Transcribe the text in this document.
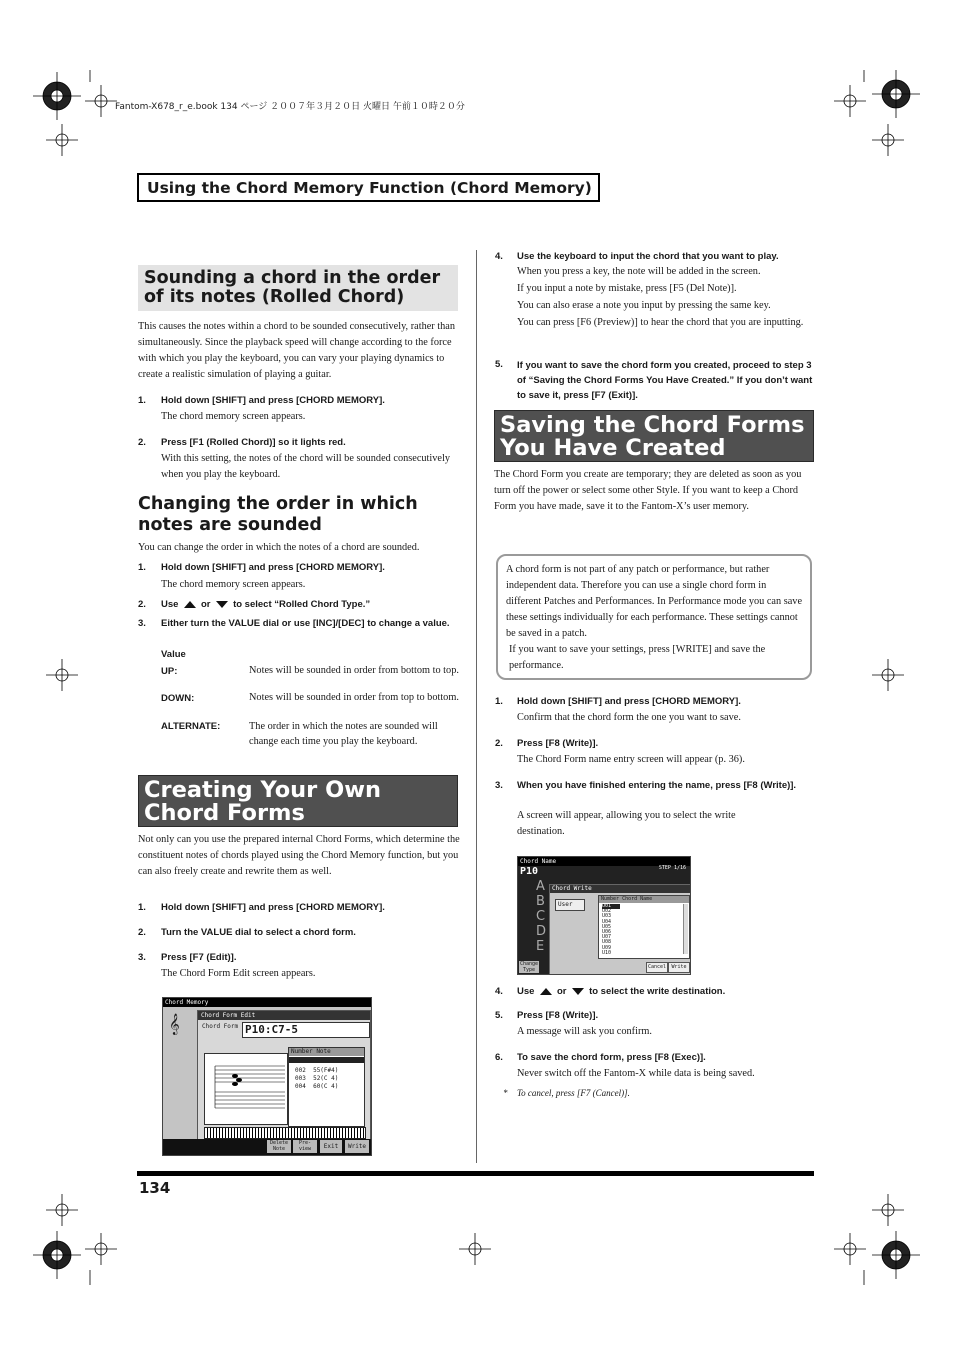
Fantom-X678_r_e.book 134 ページ ２００７年３月２０日 火曜日 午前１０時２０分
Using the Chord Memory Function (Chord Memory)
Sounding a chord in the order of its notes (Rolled Chord)
This causes the notes within a chord to be sounded consecutively, rather than simultaneously. Since the playback speed will change according to the force with which you play the keyboard, you can vary your playing dynamics to create a realistic simulation of playing a guitar.
1. Hold down [SHIFT] and press [CHORD MEMORY].
The chord memory screen appears.
2. Press [F1 (Rolled Chord)] so it lights red.
With this setting, the notes of the chord will be sounded consecutively when you play the keyboard.
Changing the order in which notes are sounded
You can change the order in which the notes of a chord are sounded.
1. Hold down [SHIFT] and press [CHORD MEMORY].
The chord memory screen appears.
2. Use or to select “Rolled Chord Type.”
3. Either turn the VALUE dial or use [INC]/[DEC] to change a value.
Value
UP:	Notes will be sounded in order from bottom to top.
DOWN:	Notes will be sounded in order from top to bottom.
ALTERNATE:	The order in which the notes are sounded will change each time you play the keyboard.
Creating Your Own Chord Forms
Not only can you use the prepared internal Chord Forms, which determine the constituent notes of chords played using the Chord Memory function, but you can also freely create and rewrite them as well.
1. Hold down [SHIFT] and press [CHORD MEMORY].
2. Turn the VALUE dial to select a chord form.
3. Press [F7 (Edit)].
The Chord Form Edit screen appears.
Chord Memory
𝄞	Chord Form Edit
Chord Form P10:C7-5
Number Note
002 55(F#4)
003 52(C 4)
004 60(C 4)
Delete Note
Pre- view	Exit	Write
4. Use the keyboard to input the chord that you want to play.
When you press a key, the note will be added in the screen.
If you input a note by mistake, press [F5 (Del Note)].
You can also erase a note you input by pressing the same key.
You can press [F6 (Preview)] to hear the chord that you are inputting.
5. If you want to save the chord form you created, proceed to step 3 of “Saving the Chord Forms You Have Created.” If you don’t want to save it, press [F7 (Exit)].
Saving the Chord Forms You Have Created
The Chord Form you create are temporary; they are deleted as soon as you turn off the power or select some other Style. If you want to keep a Chord Form you have made, save it to the Fantom-X’s user memory.
A chord form is not part of any patch or performance, but rather independent data. Therefore you can use a single chord form in different Patches and Performances. In Performance mode you can save these settings individually for each performance. These settings cannot be saved in a patch.
If you want to save your settings, press [WRITE] and save the performance.
1. Hold down [SHIFT] and press [CHORD MEMORY].
Confirm that the chord form the one you want to save.
2. Press [F8 (Write)].
The Chord Form name entry screen will appear (p. 36).
3. When you have finished entering the name, press [F8 (Write)].
A screen will appear, allowing you to select the write destination.
Chord Name
P10	STEP 1/16
A
B
C
D
E
Change Type
Chord Write
User
Number Chord Name
U01
U02
U03
U04
U05
U06
U07
U08
U09
U10
Cancel	Write
4. Use or to select the write destination.
5. Press [F8 (Write)].
A message will ask you confirm.
6. To save the chord form, press [F8 (Exec)].
Never switch off the Fantom-X while data is being saved.
* To cancel, press [F7 (Cancel)].
134
